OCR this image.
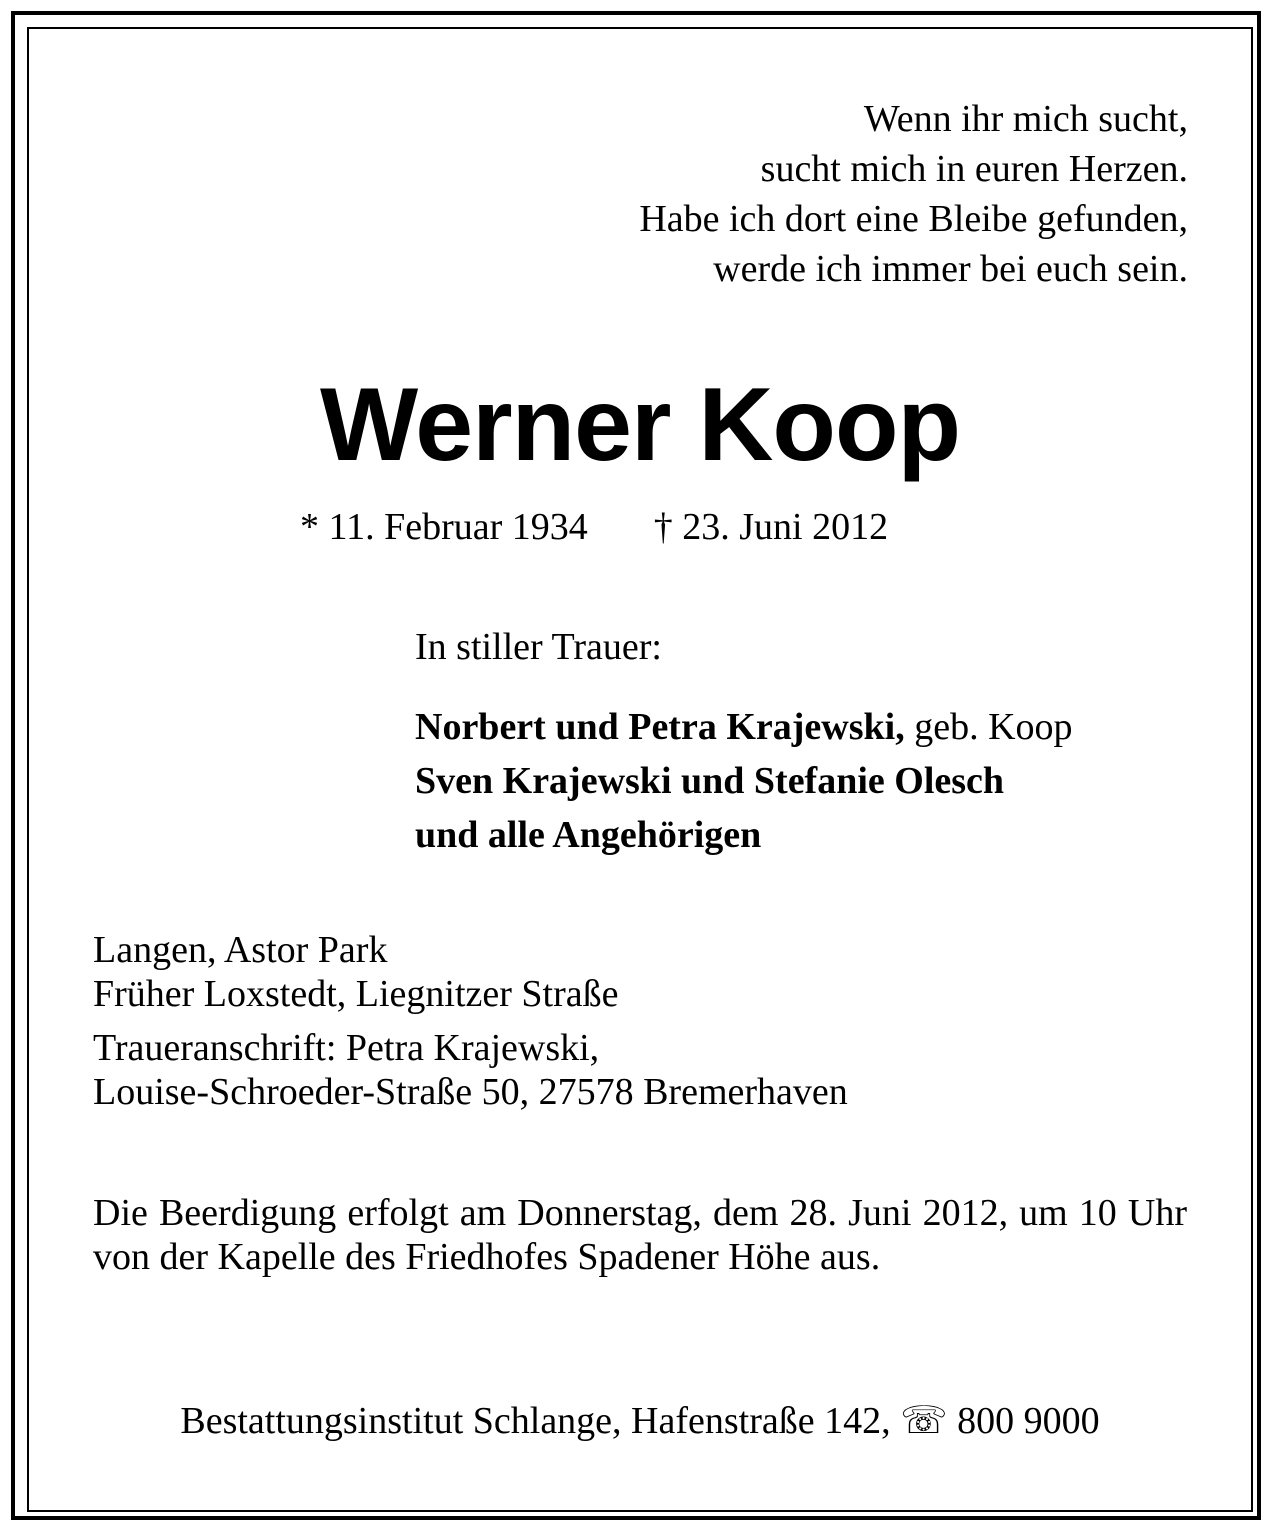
Wenn ihr mich sucht,
sucht mich in euren Herzen.
Habe ich dort eine Bleibe gefunden,
werde ich immer bei euch sein.
Werner Koop
* 11. Februar 1934 † 23. Juni 2012
In stiller Trauer:
Norbert und Petra Krajewski, geb. Koop
Sven Krajewski und Stefanie Olesch
und alle Angehörigen
Langen, Astor Park
Früher Loxstedt, Liegnitzer Straße
Traueranschrift: Petra Krajewski,
Louise-Schroeder-Straße 50, 27578 Bremerhaven
Die Beerdigung erfolgt am Donnerstag, dem 28. Juni 2012, um 10 Uhr von der Kapelle des Friedhofes Spadener Höhe aus.
Bestattungsinstitut Schlange, Hafenstraße 142, ☏ 800 9000
